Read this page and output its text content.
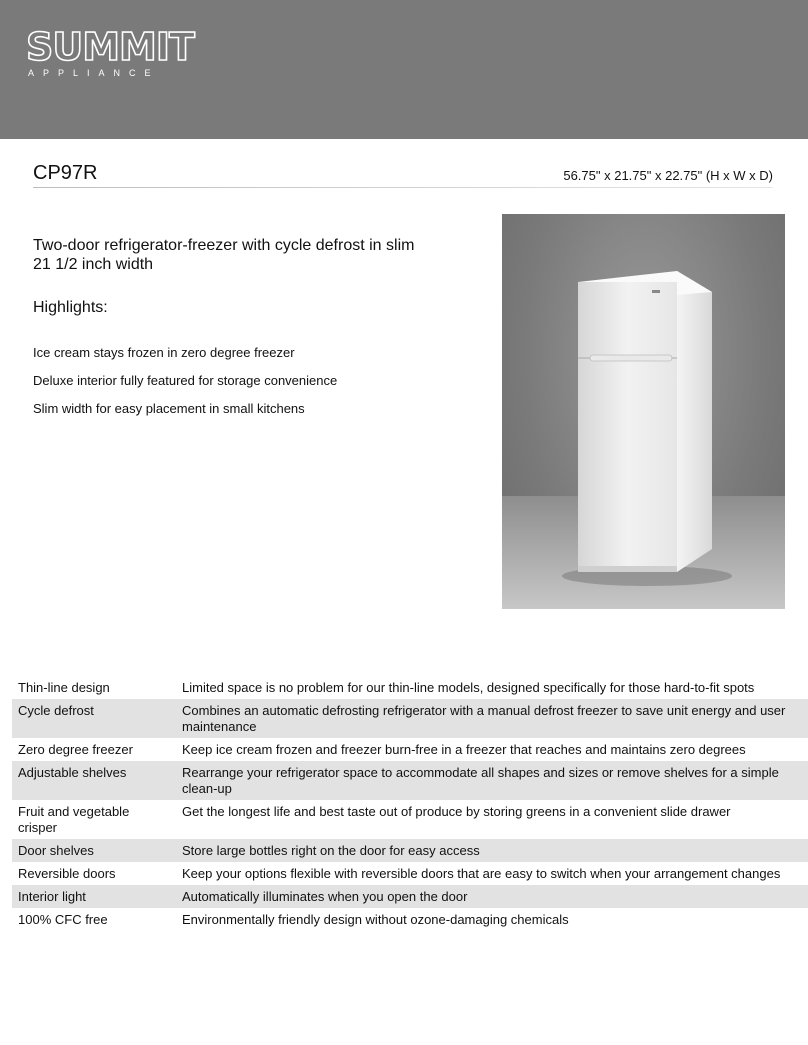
SUMMIT
APPLIANCE
CP97R	56.75" x 21.75" x 22.75" (H x W x D)
Two-door refrigerator-freezer with cycle defrost in slim 21 1/2 inch width
Highlights:
Ice cream stays frozen in zero degree freezer
Deluxe interior fully featured for storage convenience
Slim width for easy placement in small kitchens
Thin-line design	Limited space is no problem for our thin-line models, designed specifically for those hard-to-fit spots
Cycle defrost	Combines an automatic defrosting refrigerator with a manual defrost freezer to save unit energy and user maintenance
Zero degree freezer	Keep ice cream frozen and freezer burn-free in a freezer that reaches and maintains zero degrees
Adjustable shelves	Rearrange your refrigerator space to accommodate all shapes and sizes or remove shelves for a simple clean-up
Fruit and vegetable crisper	Get the longest life and best taste out of produce by storing greens in a convenient slide drawer
Door shelves	Store large bottles right on the door for easy access
Reversible doors	Keep your options flexible with reversible doors that are easy to switch when your arrangement changes
Interior light	Automatically illuminates when you open the door
100% CFC free	Environmentally friendly design without ozone-damaging chemicals
